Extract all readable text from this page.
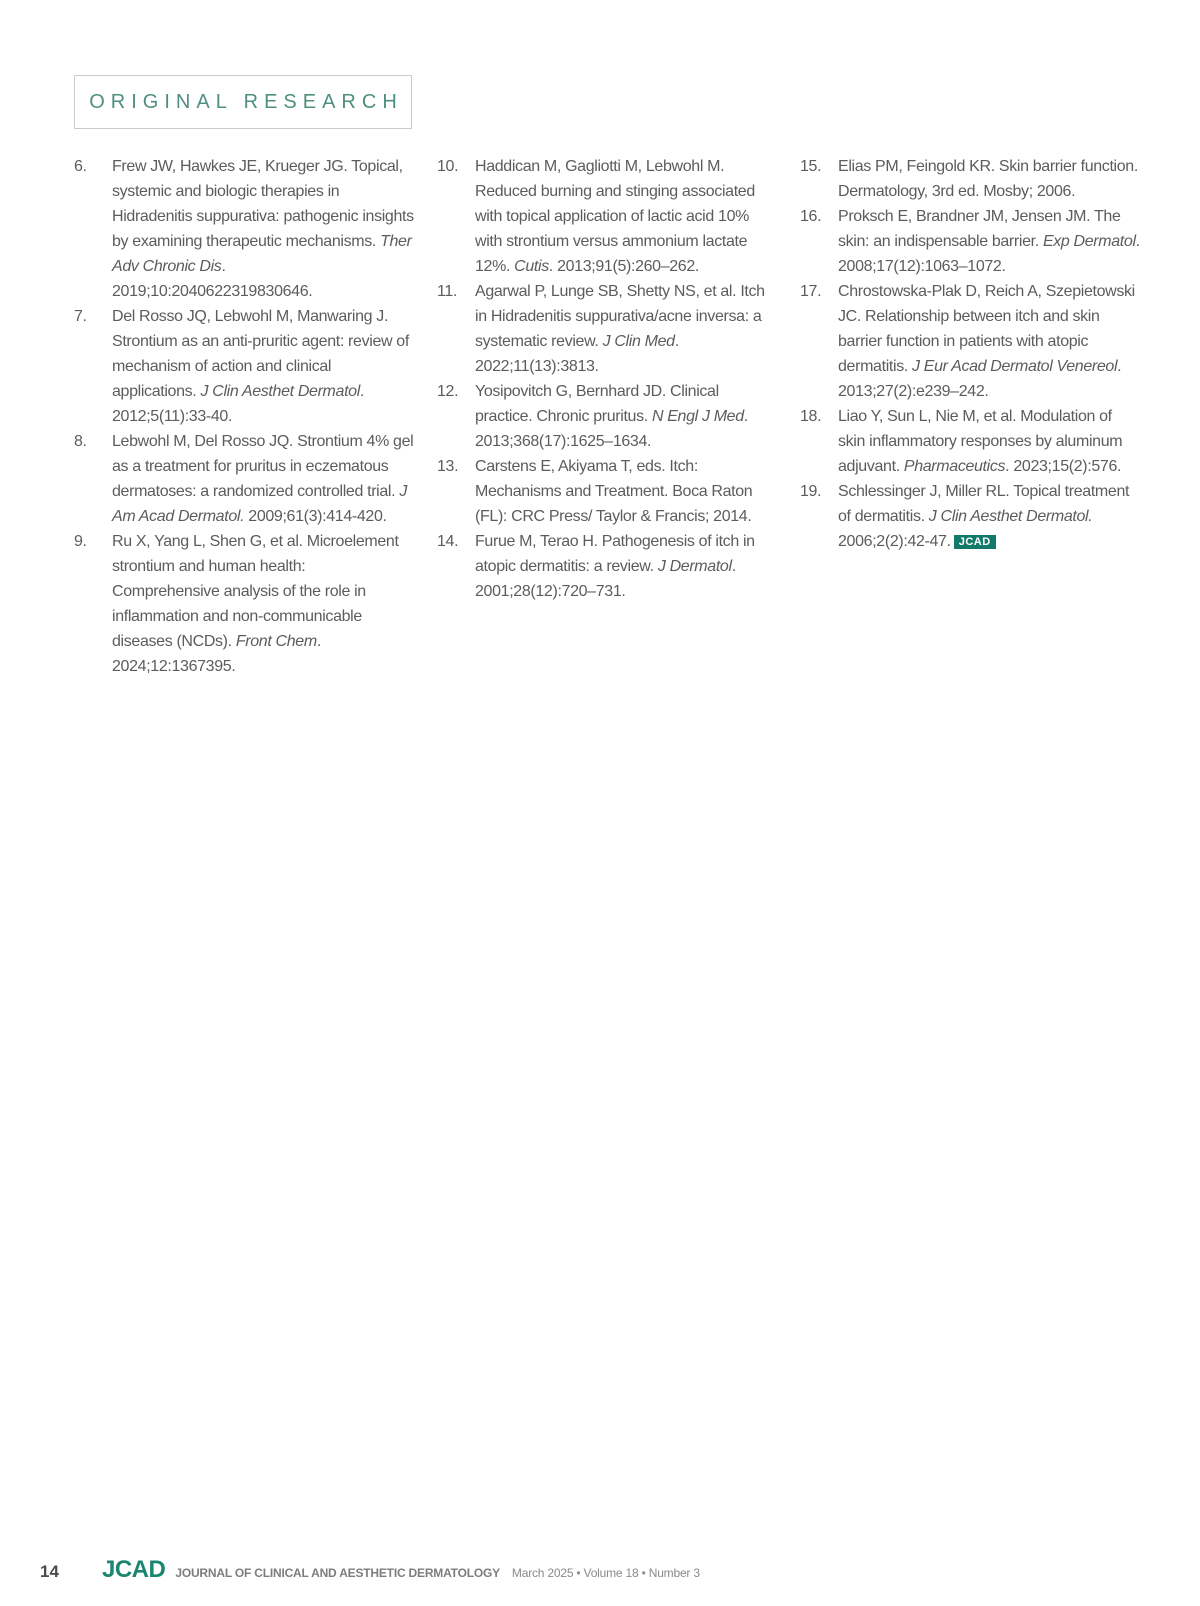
ORIGINAL RESEARCH
6.	Frew JW, Hawkes JE, Krueger JG. Topical, systemic and biologic therapies in Hidradenitis suppurativa: pathogenic insights by examining therapeutic mechanisms. Ther Adv Chronic Dis. 2019;10:2040622319830646.
7.	Del Rosso JQ, Lebwohl M, Manwaring J. Strontium as an anti-pruritic agent: review of mechanism of action and clinical applications. J Clin Aesthet Dermatol. 2012;5(11):33-40.
8.	Lebwohl M, Del Rosso JQ. Strontium 4% gel as a treatment for pruritus in eczematous dermatoses: a randomized controlled trial. J Am Acad Dermatol. 2009;61(3):414-420.
9.	Ru X, Yang L, Shen G, et al. Microelement strontium and human health: Comprehensive analysis of the role in inflammation and non-communicable diseases (NCDs). Front Chem. 2024;12:1367395.
10.	Haddican M, Gagliotti M, Lebwohl M. Reduced burning and stinging associated with topical application of lactic acid 10% with strontium versus ammonium lactate 12%. Cutis. 2013;91(5):260–262.
11.	Agarwal P, Lunge SB, Shetty NS, et al. Itch in Hidradenitis suppurativa/acne inversa: a systematic review. J Clin Med. 2022;11(13):3813.
12.	Yosipovitch G, Bernhard JD. Clinical practice. Chronic pruritus. N Engl J Med. 2013;368(17):1625–1634.
13.	Carstens E, Akiyama T, eds. Itch: Mechanisms and Treatment. Boca Raton (FL): CRC Press/ Taylor & Francis; 2014.
14.	Furue M, Terao H. Pathogenesis of itch in atopic dermatitis: a review. J Dermatol. 2001;28(12):720–731.
15.	Elias PM, Feingold KR. Skin barrier function. Dermatology, 3rd ed. Mosby; 2006.
16.	Proksch E, Brandner JM, Jensen JM. The skin: an indispensable barrier. Exp Dermatol. 2008;17(12):1063–1072.
17.	Chrostowska-Plak D, Reich A, Szepietowski JC. Relationship between itch and skin barrier function in patients with atopic dermatitis. J Eur Acad Dermatol Venereol. 2013;27(2):e239–242.
18.	Liao Y, Sun L, Nie M, et al. Modulation of skin inflammatory responses by aluminum adjuvant. Pharmaceutics. 2023;15(2):576.
19.	Schlessinger J, Miller RL. Topical treatment of dermatitis. J Clin Aesthet Dermatol. 2006;2(2):42-47. JCAD
14	JCAD JOURNAL OF CLINICAL AND AESTHETIC DERMATOLOGY March 2025 • Volume 18 • Number 3
